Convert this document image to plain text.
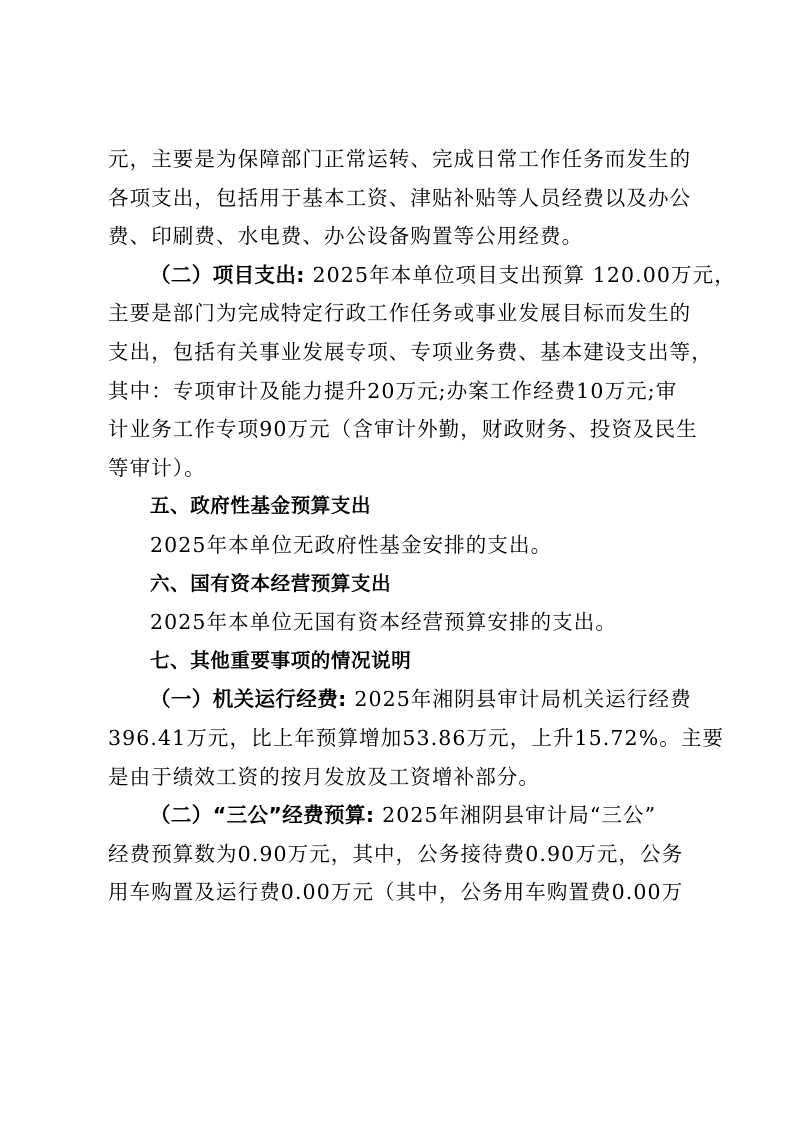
元，主要是为保障部门正常运转、完成日常工作任务而发生的
各项支出，包括用于基本工资、津贴补贴等人员经费以及办公
费、印刷费、水电费、办公设备购置等公用经费。
（二）项目支出: 2025年本单位项目支出预算 120.00万元，
主要是部门为完成特定行政工作任务或事业发展目标而发生的
支出，包括有关事业发展专项、专项业务费、基本建设支出等，
其中：专项审计及能力提升20万元;办案工作经费10万元;审
计业务工作专项90万元（含审计外勤，财政财务、投资及民生
等审计）。
五、政府性基金预算支出
2025年本单位无政府性基金安排的支出。
六、国有资本经营预算支出
2025年本单位无国有资本经营预算安排的支出。
七、其他重要事项的情况说明
（一）机关运行经费: 2025年湘阴县审计局机关运行经费
396.41万元，比上年预算增加53.86万元，上升15.72%。主要
是由于绩效工资的按月发放及工资增补部分。
（二）“三公”经费预算: 2025年湘阴县审计局“三公”
经费预算数为0.90万元，其中，公务接待费0.90万元，公务
用车购置及运行费0.00万元（其中，公务用车购置费0.00万
